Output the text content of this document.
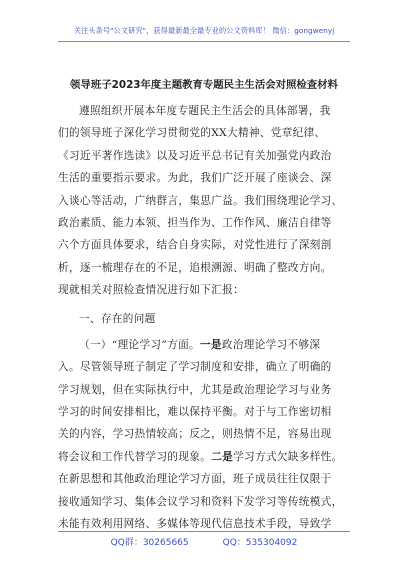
关注头条号"公文研究"，获得最新最全最专业的公文资料库！ 微信：gongwenyj
领导班子2023年度主题教育专题民主生活会对照检查材料
遵照组织开展本年度专题民主生活会的具体部署，我
们的领导班子深化学习贯彻党的XX大精神、党章纪律、
《习近平著作选读》以及习近平总书记有关加强党内政治
生活的重要指示要求。为此，我们广泛开展了座谈会、深
入谈心等活动，广纳群言，集思广益。我们围绕理论学习、
政治素质、能力本领、担当作为、工作作风、廉洁自律等
六个方面具体要求，结合自身实际，对党性进行了深刻剖
析，逐一梳理存在的不足，追根溯源、明确了整改方向。
现就相关对照检查情况进行如下汇报：
一、存在的问题
（一）“理论学习”方面。一是政治理论学习不够深
入。尽管领导班子制定了学习制度和安排，确立了明确的
学习规划，但在实际执行中，尤其是政治理论学习与业务
学习的时间安排相比，难以保持平衡。对于与工作密切相
关的内容，学习热情较高；反之，则热情不足，容易出现
将会议和工作代替学习的现象。二是学习方式欠缺多样性。
在新思想和其他政治理论学习方面，班子成员往往仅限于
接收通知学习、集体会议学习和资料下发学习等传统模式，
未能有效利用网络、多媒体等现代信息技术手段，导致学
QQ群：30265665	QQ：535304092
